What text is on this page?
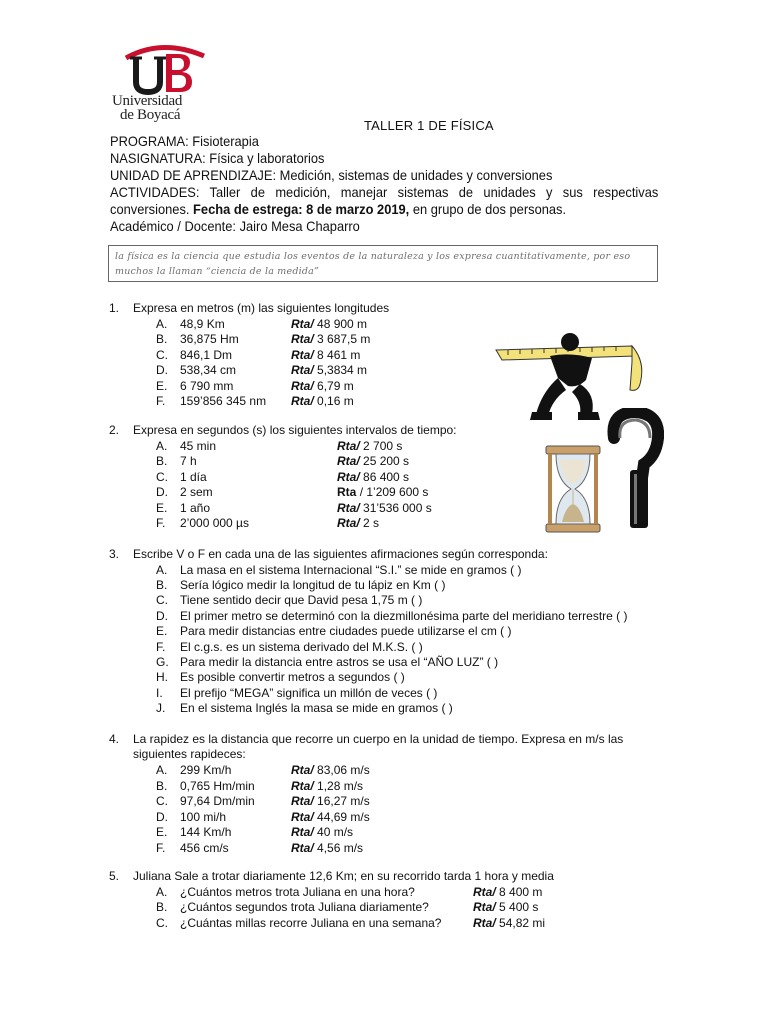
Universidad
de Boyacá
TALLER 1 DE FÍSICA
PROGRAMA: Fisioterapia
NASIGNATURA: Física y laboratorios
UNIDAD DE APRENDIZAJE: Medición, sistemas de unidades y conversiones
ACTIVIDADES: Taller de medición, manejar sistemas de unidades y sus respectivas
conversiones. Fecha de estrega: 8 de marzo 2019, en grupo de dos personas.
Académico / Docente: Jairo Mesa Chaparro
la física es la ciencia que estudia los eventos de la naturaleza y los expresa cuantitativamente, por eso
muchos la llaman “ciencia de la medida”
1. Expresa en metros (m) las siguientes longitudes
A. 48,9 Km	Rta/ 48 900 m
B. 36,875 Hm	Rta/ 3 687,5 m
C. 846,1 Dm	Rta/ 8 461 m
D. 538,34 cm	Rta/ 5,3834 m
E. 6 790 mm	Rta/ 6,79 m
F. 159’856 345 nm Rta/ 0,16 m
2. Expresa en segundos (s) los siguientes intervalos de tiempo:
A. 45 min	Rta/ 2 700 s
B. 7 h	Rta/ 25 200 s
C. 1 día	Rta/ 86 400 s
D. 2 sem	Rta / 1’209 600 s
E. 1 año	Rta/ 31’536 000 s
F. 2’000 000 µs	Rta/ 2 s
3. Escribe V o F en cada una de las siguientes afirmaciones según corresponda:
A. La masa en el sistema Internacional “S.I.” se mide en gramos ( )
B. Sería lógico medir la longitud de tu lápiz en Km ( )
C. Tiene sentido decir que David pesa 1,75 m ( )
D. El primer metro se determinó con la diezmillonésima parte del meridiano terrestre ( )
E. Para medir distancias entre ciudades puede utilizarse el cm ( )
F. El c.g.s. es un sistema derivado del M.K.S. ( )
G. Para medir la distancia entre astros se usa el “AÑO LUZ” ( )
H. Es posible convertir metros a segundos ( )
I. El prefijo “MEGA” significa un millón de veces ( )
J. En el sistema Inglés la masa se mide en gramos ( )
4. La rapidez es la distancia que recorre un cuerpo en la unidad de tiempo. Expresa en m/s las
siguientes rapideces:
A. 299 Km/h	Rta/ 83,06 m/s
B. 0,765 Hm/min	Rta/ 1,28 m/s
C. 97,64 Dm/min	Rta/ 16,27 m/s
D. 100 mi/h	Rta/ 44,69 m/s
E. 144 Km/h	Rta/ 40 m/s
F. 456 cm/s	Rta/ 4,56 m/s
5. Juliana Sale a trotar diariamente 12,6 Km; en su recorrido tarda 1 hora y media
A. ¿Cuántos metros trota Juliana en una hora?	Rta/ 8 400 m
B. ¿Cuántos segundos trota Juliana diariamente?	Rta/ 5 400 s
C. ¿Cuántas millas recorre Juliana en una semana?	Rta/ 54,82 mi
